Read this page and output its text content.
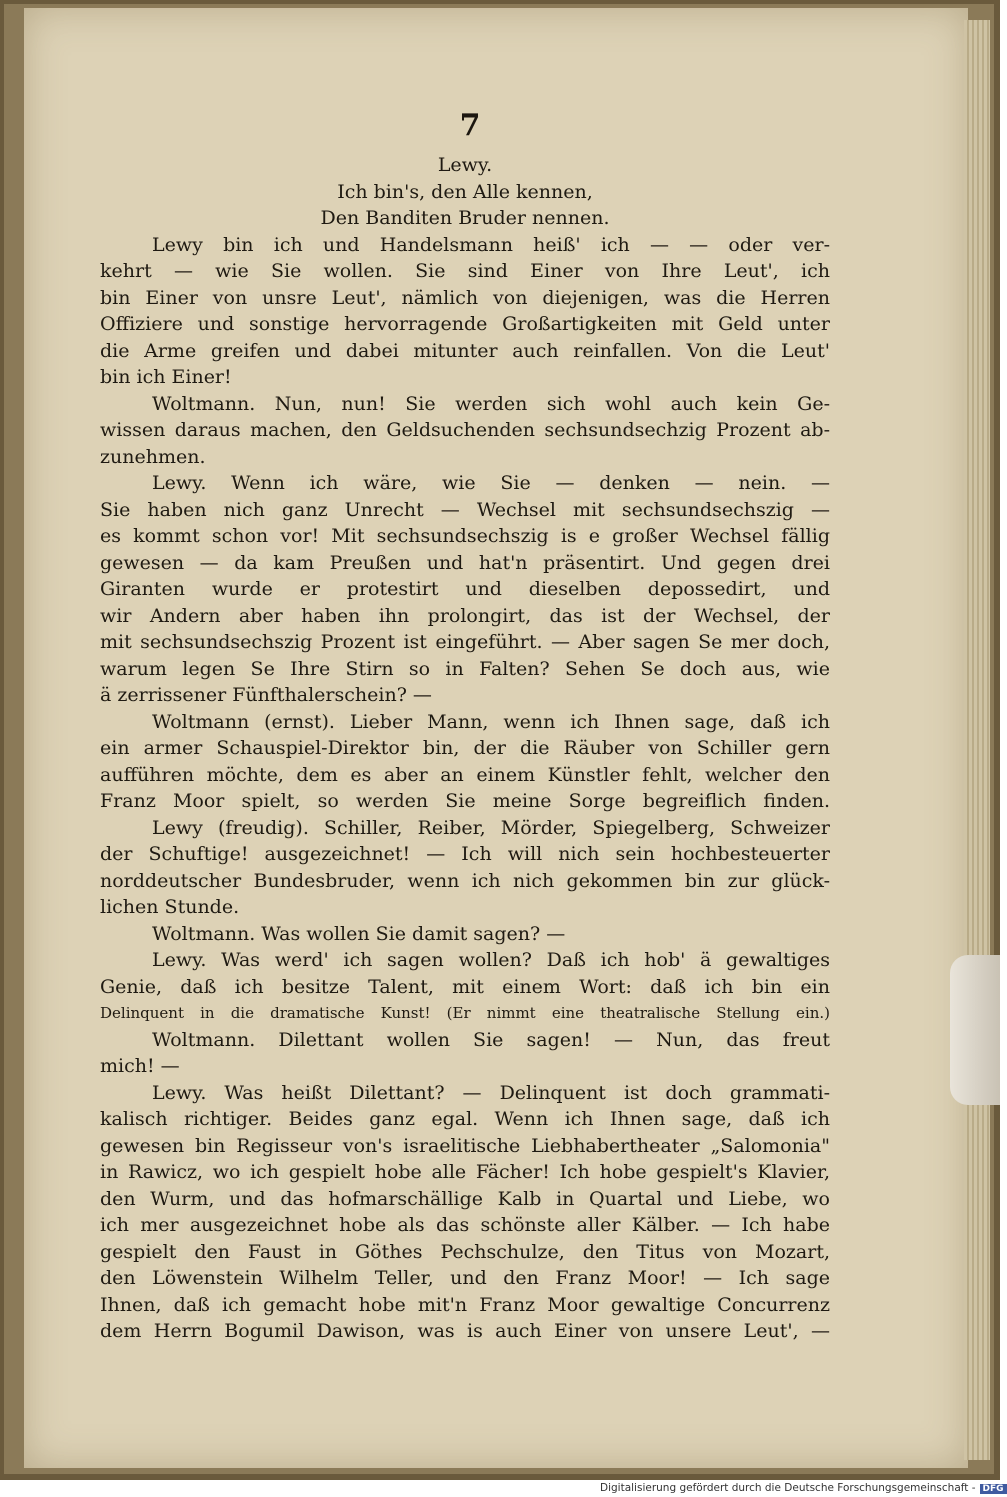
7
Lewy.
Ich bin's, den Alle kennen,
Den Banditen Bruder nennen.
Lewy bin ich und Handelsmann heiß' ich — — oder ver-
kehrt — wie Sie wollen. Sie sind Einer von Ihre Leut', ich
bin Einer von unsre Leut', nämlich von diejenigen, was die Herren
Offiziere und sonstige hervorragende Großartigkeiten mit Geld unter
die Arme greifen und dabei mitunter auch reinfallen. Von die Leut'
bin ich Einer!
Woltmann. Nun, nun! Sie werden sich wohl auch kein Ge-
wissen daraus machen, den Geldsuchenden sechsundsechzig Prozent ab-
zunehmen.
Lewy. Wenn ich wäre, wie Sie — denken — nein. —
Sie haben nich ganz Unrecht — Wechsel mit sechsundsechszig —
es kommt schon vor! Mit sechsundsechszig is e großer Wechsel fällig
gewesen — da kam Preußen und hat'n präsentirt. Und gegen drei
Giranten wurde er protestirt und dieselben depossedirt, und
wir Andern aber haben ihn prolongirt, das ist der Wechsel, der
mit sechsundsechszig Prozent ist eingeführt. — Aber sagen Se mer doch,
warum legen Se Ihre Stirn so in Falten? Sehen Se doch aus, wie
ä zerrissener Fünfthalerschein? —
Woltmann (ernst). Lieber Mann, wenn ich Ihnen sage, daß ich
ein armer Schauspiel-Direktor bin, der die Räuber von Schiller gern
aufführen möchte, dem es aber an einem Künstler fehlt, welcher den
Franz Moor spielt, so werden Sie meine Sorge begreiflich finden.
Lewy (freudig). Schiller, Reiber, Mörder, Spiegelberg, Schweizer
der Schuftige! ausgezeichnet! — Ich will nich sein hochbesteuerter
norddeutscher Bundesbruder, wenn ich nich gekommen bin zur glück-
lichen Stunde.
Woltmann. Was wollen Sie damit sagen? —
Lewy. Was werd' ich sagen wollen? Daß ich hob' ä gewaltiges
Genie, daß ich besitze Talent, mit einem Wort: daß ich bin ein
Delinquent in die dramatische Kunst! (Er nimmt eine theatralische Stellung ein.)
Woltmann. Dilettant wollen Sie sagen! — Nun, das freut
mich! —
Lewy. Was heißt Dilettant? — Delinquent ist doch grammati-
kalisch richtiger. Beides ganz egal. Wenn ich Ihnen sage, daß ich
gewesen bin Regisseur von's israelitische Liebhabertheater „Salomonia"
in Rawicz, wo ich gespielt hobe alle Fächer! Ich hobe gespielt's Klavier,
den Wurm, und das hofmarschällige Kalb in Quartal und Liebe, wo
ich mer ausgezeichnet hobe als das schönste aller Kälber. — Ich habe
gespielt den Faust in Göthes Pechschulze, den Titus von Mozart,
den Löwenstein Wilhelm Teller, und den Franz Moor! — Ich sage
Ihnen, daß ich gemacht hobe mit'n Franz Moor gewaltige Concurrenz
dem Herrn Bogumil Dawison, was is auch Einer von unsere Leut', —
Digitalisierung gefördert durch die Deutsche Forschungsgemeinschaft - DFG
